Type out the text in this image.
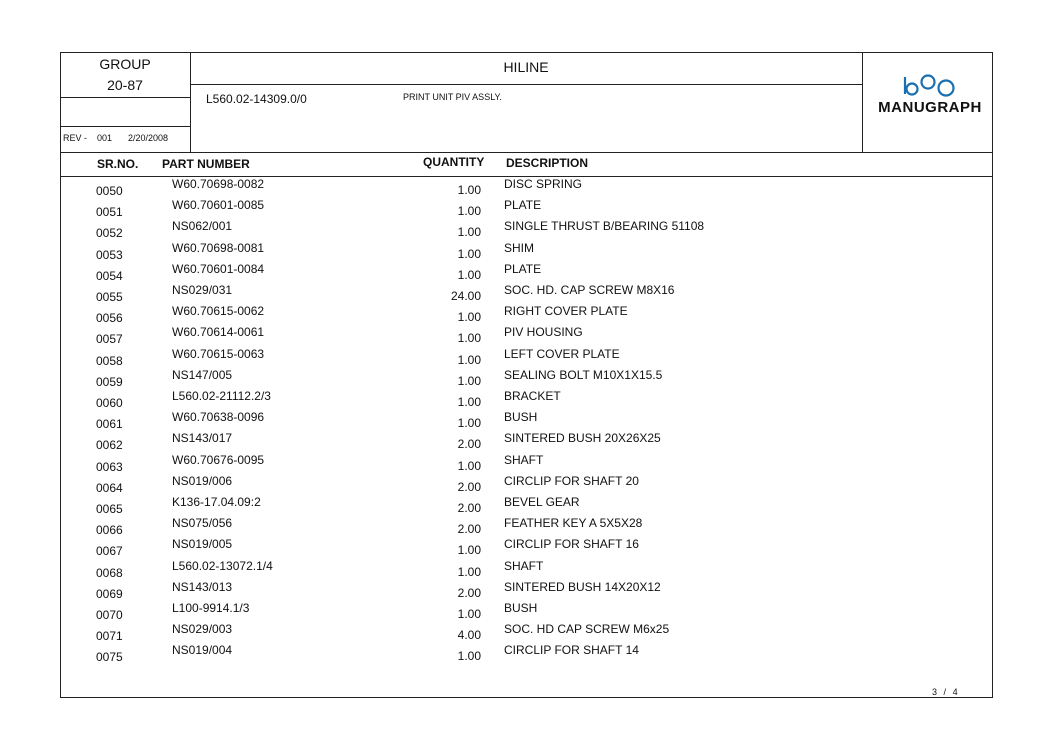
GROUP
20-87
HILINE
L560.02-14309.0/0	PRINT UNIT PIV ASSLY.
REV - 001 2/20/2008
MANUGRAPH
SR.NO. PART NUMBER	QUANTITY DESCRIPTION
0050	W60.70698-0082	1.00 DISC SPRING
0051	W60.70601-0085	1.00 PLATE
0052	NS062/001	1.00 SINGLE THRUST B/BEARING 51108
0053	W60.70698-0081	1.00 SHIM
0054	W60.70601-0084	1.00 PLATE
0055	NS029/031	24.00 SOC. HD. CAP SCREW M8X16
0056	W60.70615-0062	1.00 RIGHT COVER PLATE
0057	W60.70614-0061	1.00 PIV HOUSING
0058	W60.70615-0063	1.00 LEFT COVER PLATE
0059	NS147/005	1.00 SEALING BOLT M10X1X15.5
0060	L560.02-21112.2/3	1.00 BRACKET
0061	W60.70638-0096	1.00 BUSH
0062	NS143/017	2.00 SINTERED BUSH 20X26X25
0063	W60.70676-0095	1.00 SHAFT
0064	NS019/006	2.00 CIRCLIP FOR SHAFT 20
0065	K136-17.04.09:2	2.00 BEVEL GEAR
0066	NS075/056	2.00 FEATHER KEY A 5X5X28
0067	NS019/005	1.00 CIRCLIP FOR SHAFT 16
0068	L560.02-13072.1/4	1.00 SHAFT
0069	NS143/013	2.00 SINTERED BUSH 14X20X12
0070	L100-9914.1/3	1.00 BUSH
0071	NS029/003	4.00 SOC. HD CAP SCREW M6x25
0075	NS019/004	1.00 CIRCLIP FOR SHAFT 14
3 / 4
